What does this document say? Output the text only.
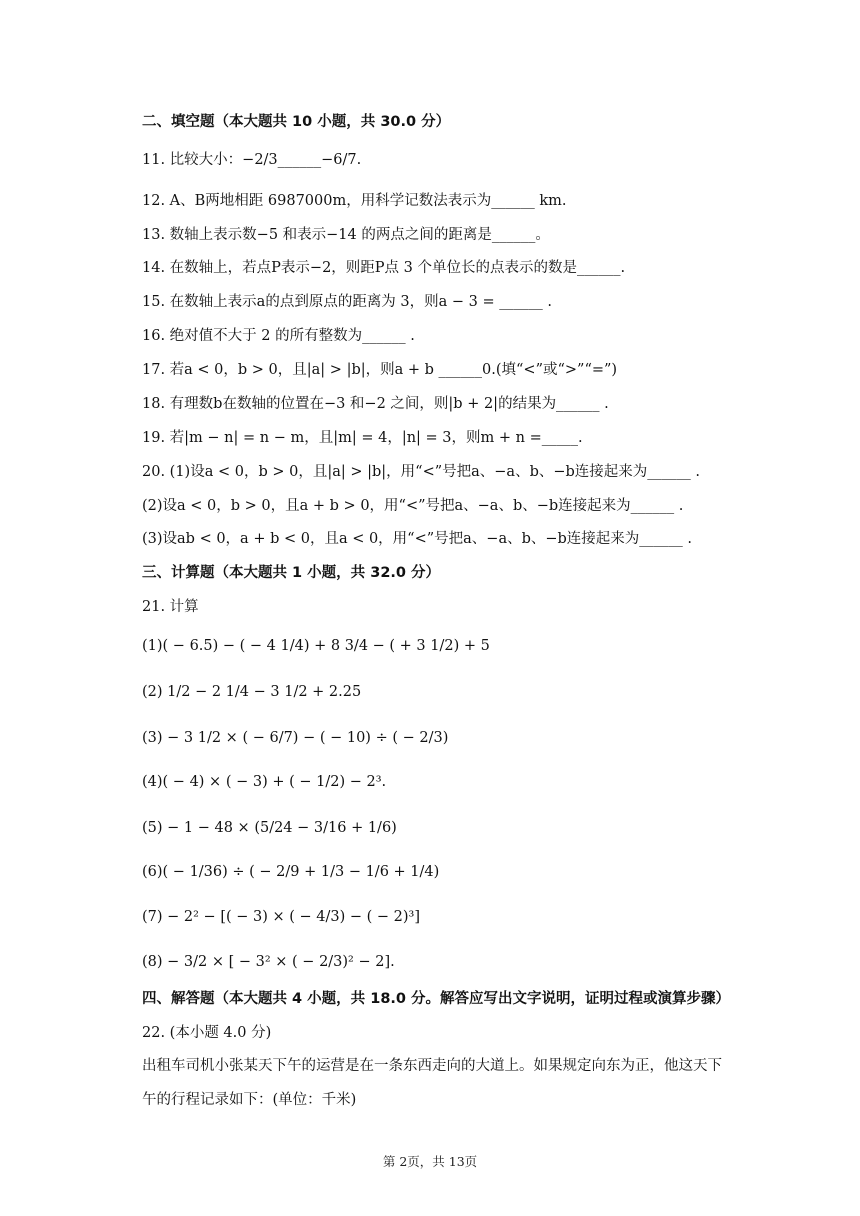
二、填空题（本大题共 10 小题，共 30.0 分）
11. 比较大小：−2/3______−6/7.
12. A、B两地相距 6987000m，用科学记数法表示为______ km.
13. 数轴上表示数−5 和表示−14 的两点之间的距离是______。
14. 在数轴上，若点P表示−2，则距P点 3 个单位长的点表示的数是______.
15. 在数轴上表示a的点到原点的距离为 3，则a − 3 = ______ .
16. 绝对值不大于 2 的所有整数为______ .
17. 若a < 0，b > 0，且|a| > |b|，则a + b ______0.(填“<”或“>”“=”)
18. 有理数b在数轴的位置在−3 和−2 之间，则|b + 2|的结果为______ .
19. 若|m − n| = n − m，且|m| = 4，|n| = 3，则m + n =_____.
20. (1)设a < 0，b > 0，且|a| > |b|，用“<”号把a、−a、b、−b连接起来为______ .
(2)设a < 0，b > 0，且a + b > 0，用“<”号把a、−a、b、−b连接起来为______ .
(3)设ab < 0，a + b < 0，且a < 0，用“<”号把a、−a、b、−b连接起来为______ .
三、计算题（本大题共 1 小题，共 32.0 分）
21. 计算
(1)( − 6.5) − ( − 4 1/4) + 8 3/4 − ( + 3 1/2) + 5
(2) 1/2 − 2 1/4 − 3 1/2 + 2.25
(3) − 3 1/2 × ( − 6/7) − ( − 10) ÷ ( − 2/3)
(4)( − 4) × ( − 3) + ( − 1/2) − 2³.
(5) − 1 − 48 × (5/24 − 3/16 + 1/6)
(6)( − 1/36) ÷ ( − 2/9 + 1/3 − 1/6 + 1/4)
(7) − 2² − [( − 3) × ( − 4/3) − ( − 2)³]
(8) − 3/2 × [ − 3² × ( − 2/3)² − 2].
四、解答题（本大题共 4 小题，共 18.0 分。解答应写出文字说明，证明过程或演算步骤）
22. (本小题 4.0 分)
出租车司机小张某天下午的运营是在一条东西走向的大道上。如果规定向东为正，他这天下
午的行程记录如下：(单位：千米)
第 2页，共 13页
